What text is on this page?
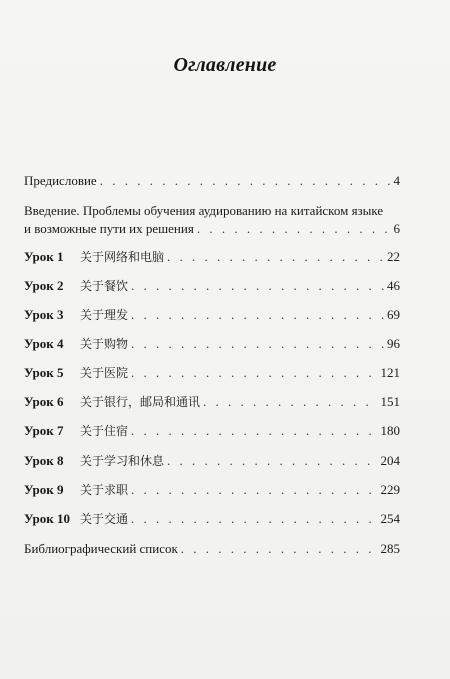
Оглавление
Предисловие . . .	4
Введение. Проблемы обучения аудированию на китайском языке
и возможные пути их решения . . .	6
Урок 1	关于网络和电脑 . . .	22
Урок 2	关于餐饮 . . .	46
Урок 3	关于理发 . . .	69
Урок 4	关于购物 . . .	96
Урок 5	关于医院 . . .	121
Урок 6	关于银行，邮局和通讯 . . .	151
Урок 7	关于住宿 . . .	180
Урок 8	关于学习和休息 . . .	204
Урок 9	关于求职 . . .	229
Урок 10 关于交通 . . .	254
Библиографический список . . .	285
